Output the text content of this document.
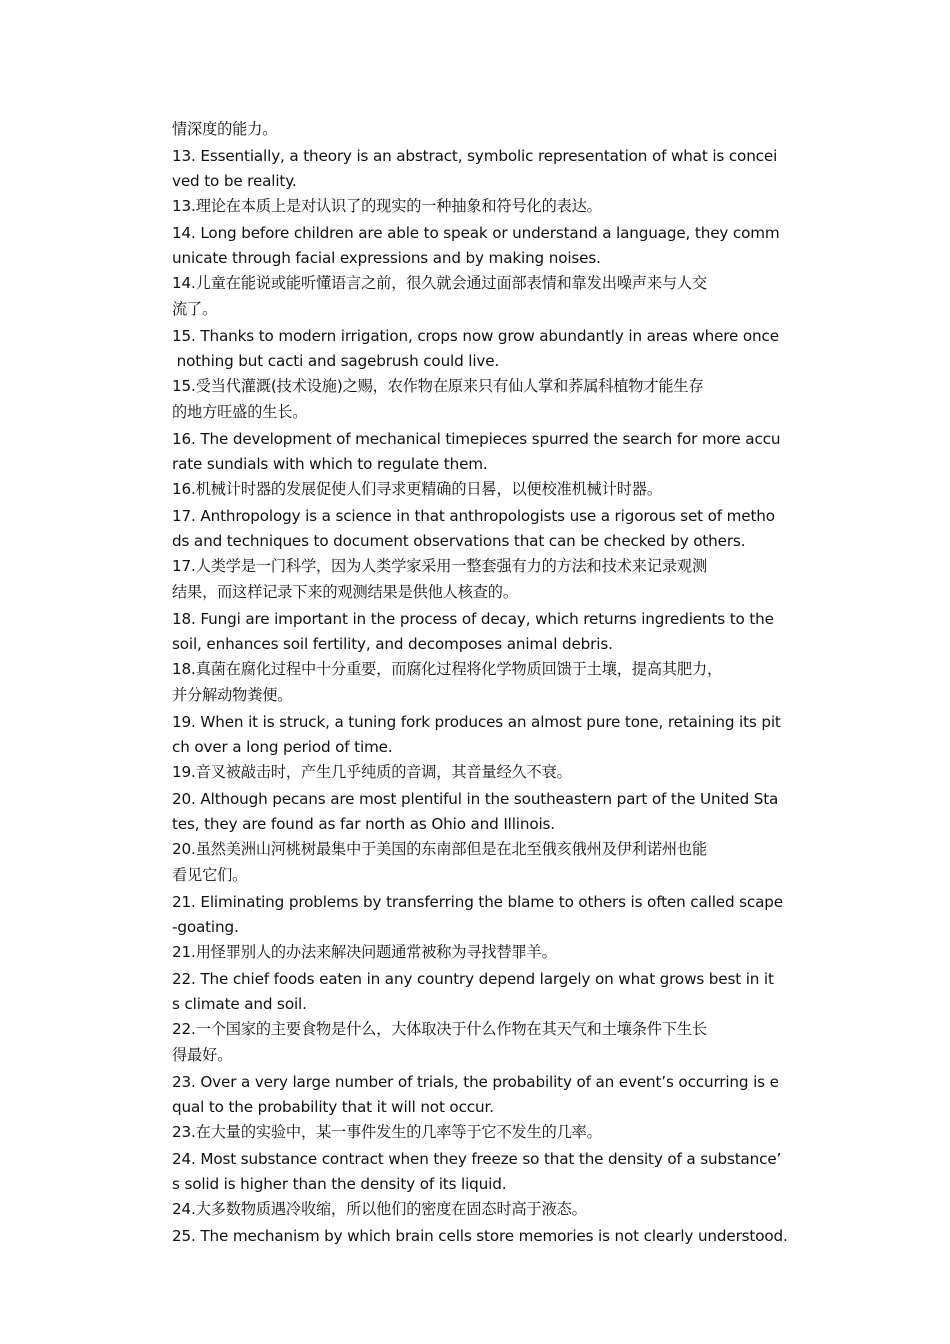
情深度的能力。

13. Essentially, a theory is an abstract, symbolic representation of what is concei

ved to be reality.

13.理论在本质上是对认识了的现实的一种抽象和符号化的表达。

14. Long before children are able to speak or understand a language, they comm

unicate through facial expressions and by making noises.

14.儿童在能说或能听懂语言之前，很久就会通过面部表情和靠发出噪声来与人交

流了。

15. Thanks to modern irrigation, crops now grow abundantly in areas where once

nothing but cacti and sagebrush could live.

15.受当代灌溉(技术设施)之赐，农作物在原来只有仙人掌和荞属科植物才能生存

的地方旺盛的生长。

16. The development of mechanical timepieces spurred the search for more accu

rate sundials with which to regulate them.

16.机械计时器的发展促使人们寻求更精确的日晷，以便校准机械计时器。

17. Anthropology is a science in that anthropologists use a rigorous set of metho

ds and techniques to document observations that can be checked by others.

17.人类学是一门科学，因为人类学家采用一整套强有力的方法和技术来记录观测

结果，而这样记录下来的观测结果是供他人核查的。

18. Fungi are important in the process of decay, which returns ingredients to the

soil, enhances soil fertility, and decomposes animal debris.

18.真菌在腐化过程中十分重要，而腐化过程将化学物质回馈于土壤，提高其肥力，

并分解动物粪便。

19. When it is struck, a tuning fork produces an almost pure tone, retaining its pit

ch over a long period of time.

19.音叉被敲击时，产生几乎纯质的音调，其音量经久不衰。

20. Although pecans are most plentiful in the southeastern part of the United Sta

tes, they are found as far north as Ohio and Illinois.

20.虽然美洲山河桃树最集中于美国的东南部但是在北至俄亥俄州及伊利诺州也能

看见它们。

21. Eliminating problems by transferring the blame to others is often called scape

-goating.

21.用怪罪别人的办法来解决问题通常被称为寻找替罪羊。

22. The chief foods eaten in any country depend largely on what grows best in it

s climate and soil.

22.一个国家的主要食物是什么，大体取决于什么作物在其天气和土壤条件下生长

得最好。

23. Over a very large number of trials, the probability of an event’s occurring is e

qual to the probability that it will not occur.

23.在大量的实验中，某一事件发生的几率等于它不发生的几率。

24. Most substance contract when they freeze so that the density of a substance’

s solid is higher than the density of its liquid.

24.大多数物质遇冷收缩，所以他们的密度在固态时高于液态。

25. The mechanism by which brain cells store memories is not clearly understood.
